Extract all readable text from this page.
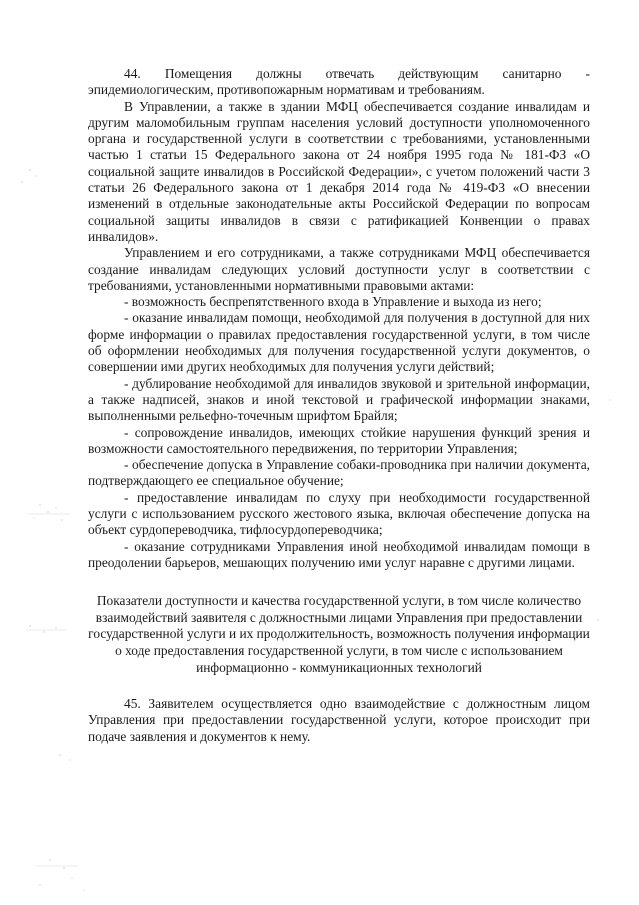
44. Помещения должны отвечать действующим санитарно - эпидемиологическим, противопожарным нормативам и требованиям.

В Управлении, а также в здании МФЦ обеспечивается создание инвалидам и другим маломобильным группам населения условий доступности уполномоченного органа и государственной услуги в соответствии с требованиями, установленными частью 1 статьи 15 Федерального закона от 24 ноября 1995 года № 181-ФЗ «О социальной защите инвалидов в Российской Федерации», с учетом положений части 3 статьи 26 Федерального закона от 1 декабря 2014 года № 419-ФЗ «О внесении изменений в отдельные законодательные акты Российской Федерации по вопросам социальной защиты инвалидов в связи с ратификацией Конвенции о правах инвалидов».

Управлением и его сотрудниками, а также сотрудниками МФЦ обеспечивается создание инвалидам следующих условий доступности услуг в соответствии с требованиями, установленными нормативными правовыми актами:

- возможность беспрепятственного входа в Управление и выхода из него;

- оказание инвалидам помощи, необходимой для получения в доступной для них форме информации о правилах предоставления государственной услуги, в том числе об оформлении необходимых для получения государственной услуги документов, о совершении ими других необходимых для получения услуги действий;

- дублирование необходимой для инвалидов звуковой и зрительной информации, а также надписей, знаков и иной текстовой и графической информации знаками, выполненными рельефно-точечным шрифтом Брайля;

- сопровождение инвалидов, имеющих стойкие нарушения функций зрения и возможности самостоятельного передвижения, по территории Управления;

- обеспечение допуска в Управление собаки-проводника при наличии документа, подтверждающего ее специальное обучение;

- предоставление инвалидам по слуху при необходимости государственной услуги с использованием русского жестового языка, включая обеспечение допуска на объект сурдопереводчика, тифлосурдопереводчика;

- оказание сотрудниками Управления иной необходимой инвалидам помощи в преодолении барьеров, мешающих получению ими услуг наравне с другими лицами.

Показатели доступности и качества государственной услуги, в том числе количество взаимодействий заявителя с должностными лицами Управления при предоставлении государственной услуги и их продолжительность, возможность получения информации о ходе предоставления государственной услуги, в том числе с использованием информационно - коммуникационных технологий

45. Заявителем осуществляется одно взаимодействие с должностным лицом Управления при предоставлении государственной услуги, которое происходит при подаче заявления и документов к нему.
